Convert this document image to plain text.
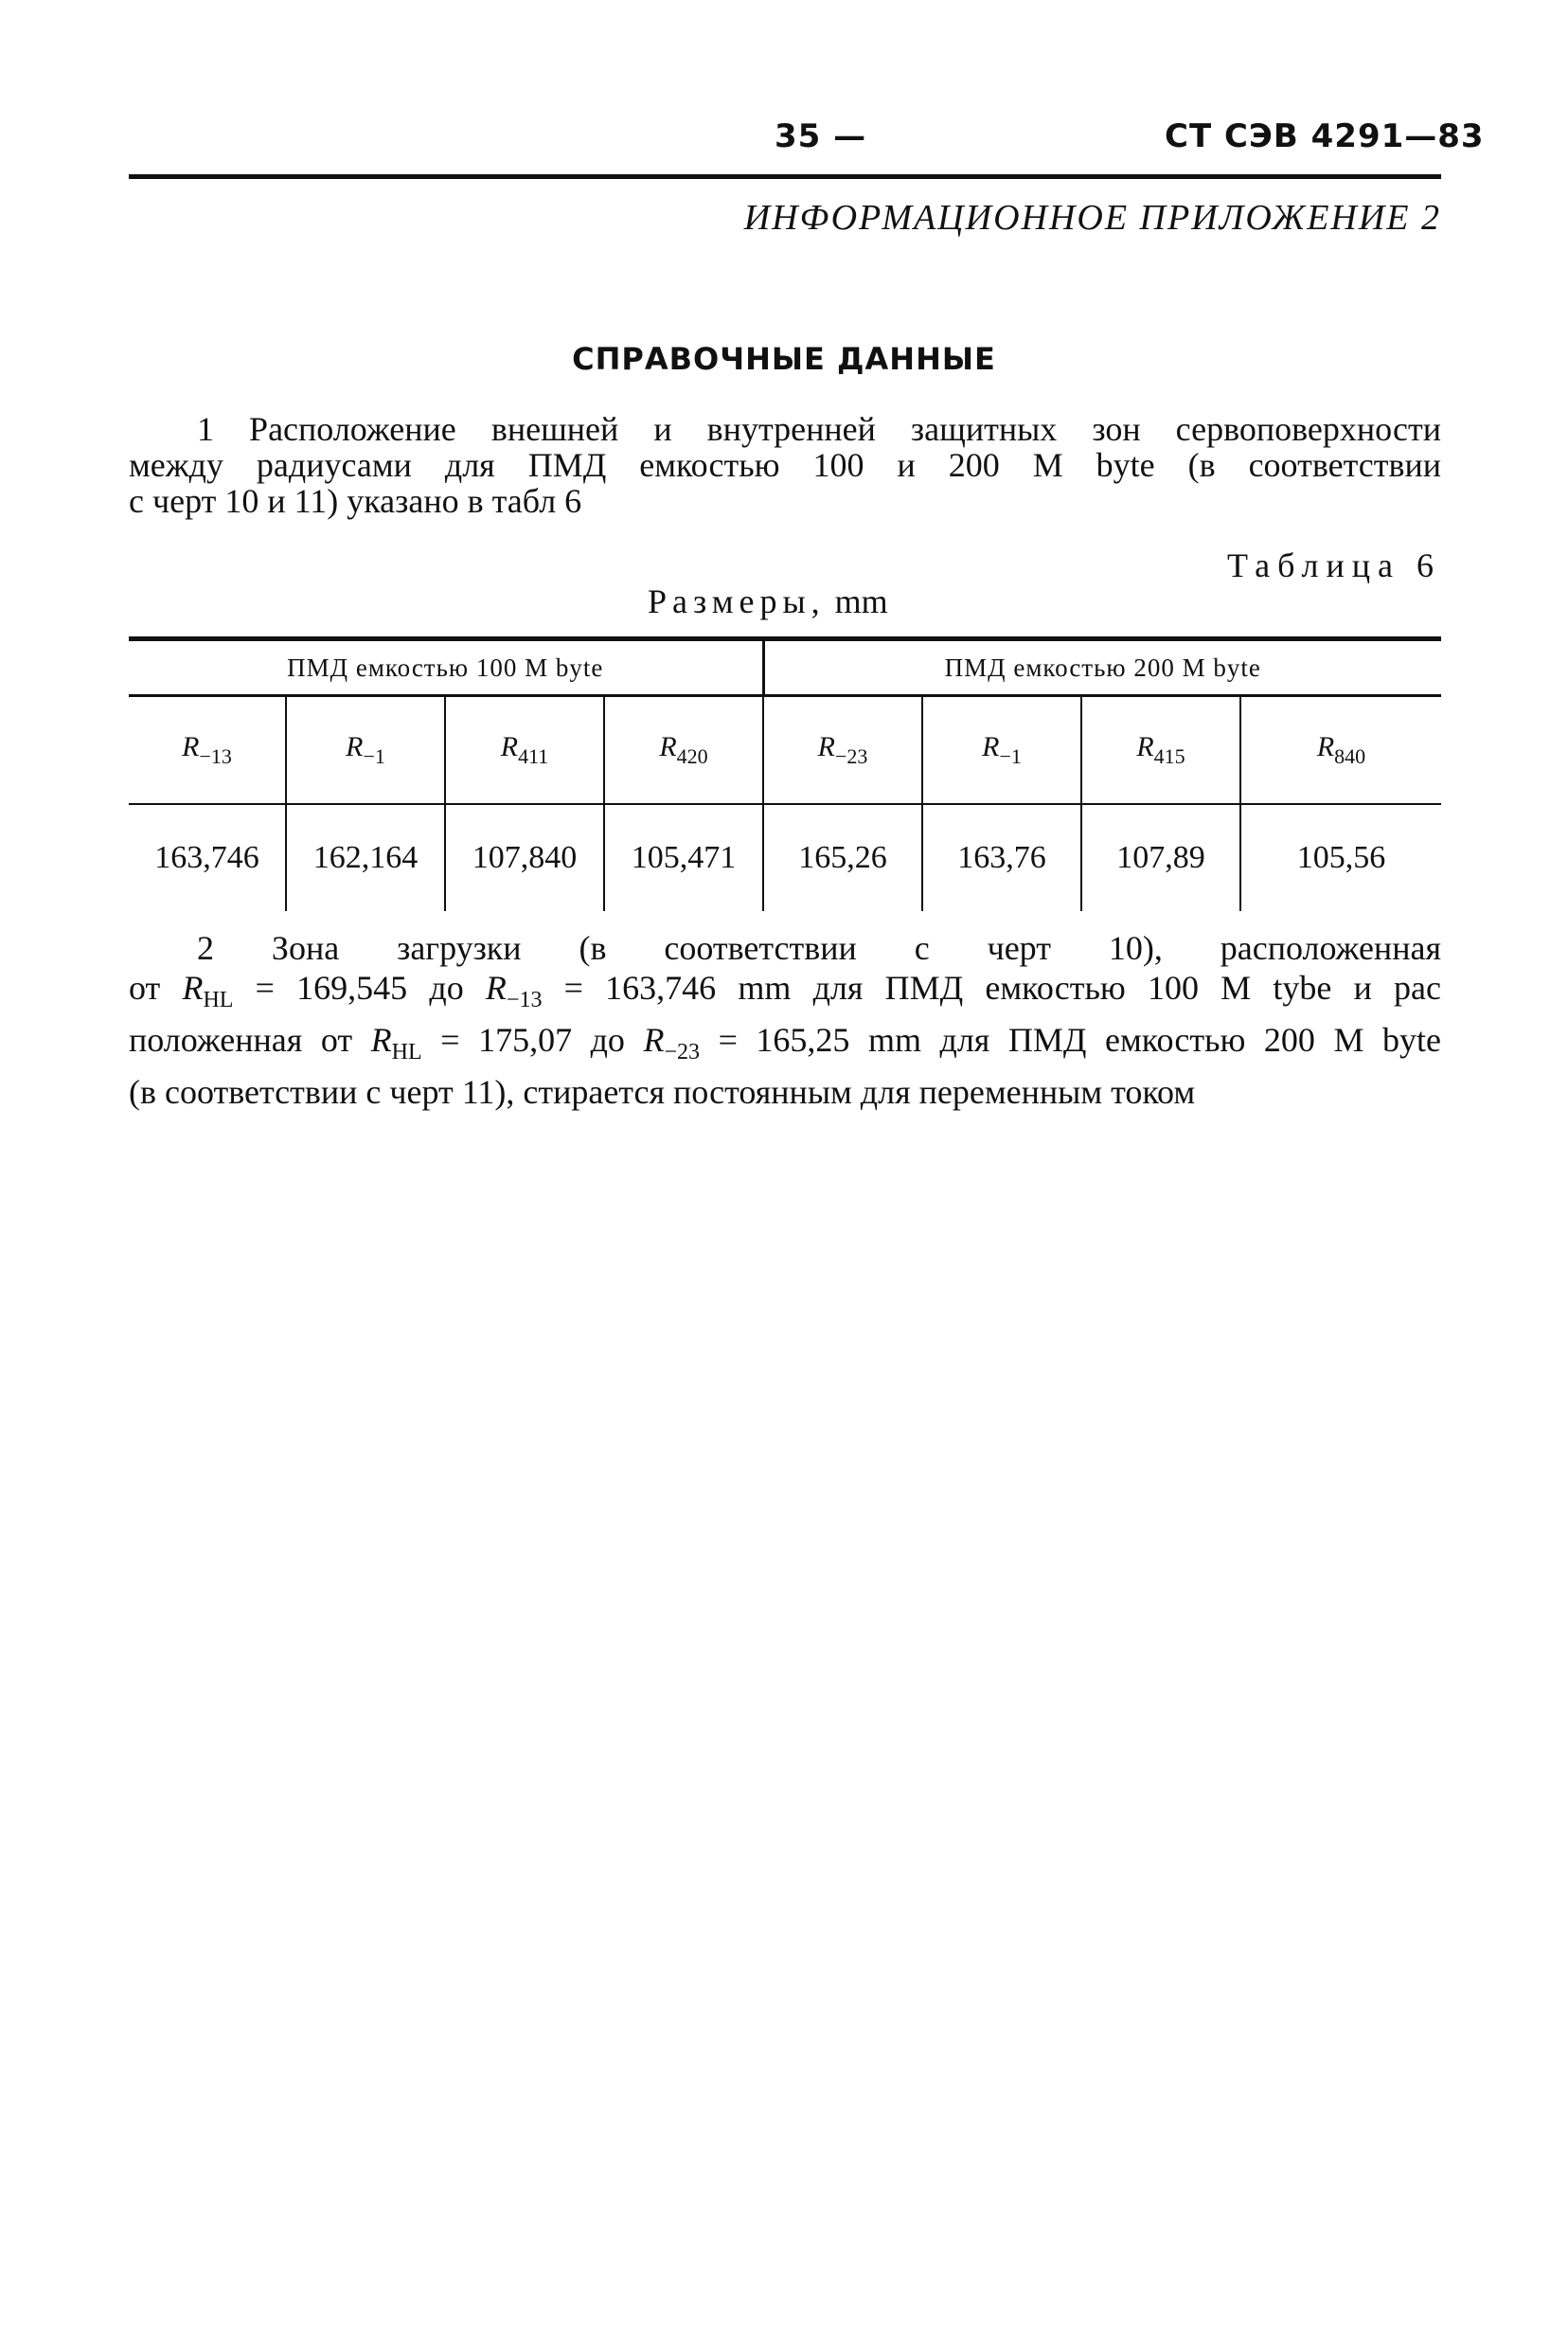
35 —	СТ СЭВ 4291—83
ИНФОРМАЦИОННОЕ ПРИЛОЖЕНИЕ 2
СПРАВОЧНЫЕ ДАННЫЕ
1 Расположение внешней и внутренней защитных зон сервоповерхности
между радиусами для ПМД емкостью 100 и 200 M byte (в соответствии
с черт 10 и 11) указано в табл 6
Таблица 6
Размеры, mm
ПМД емкостью 100 M byte				ПМД емкостью 200 M byte			
$R_{-13}$	$R_{-1}$	$R_{411}$	$R_{420}$	$R_{-23}$	$R_{-1}$	$R_{415}$	$R_{840}$
163,746	162,164	107,840	105,471	165,26	163,76	107,89	105,56
2 Зона загрузки (в соответствии с черт 10), расположенная
от $R_{HL} = 169,545$ до $R_{-13} = 163,746$ mm для ПМД емкостью 100 M tybe и рас
положенная от $R_{HL} = 175,07$ до $R_{-23} = 165,25$ mm для ПМД емкостью 200 M byte
(в соответствии с черт 11), стирается постоянным для переменным током
